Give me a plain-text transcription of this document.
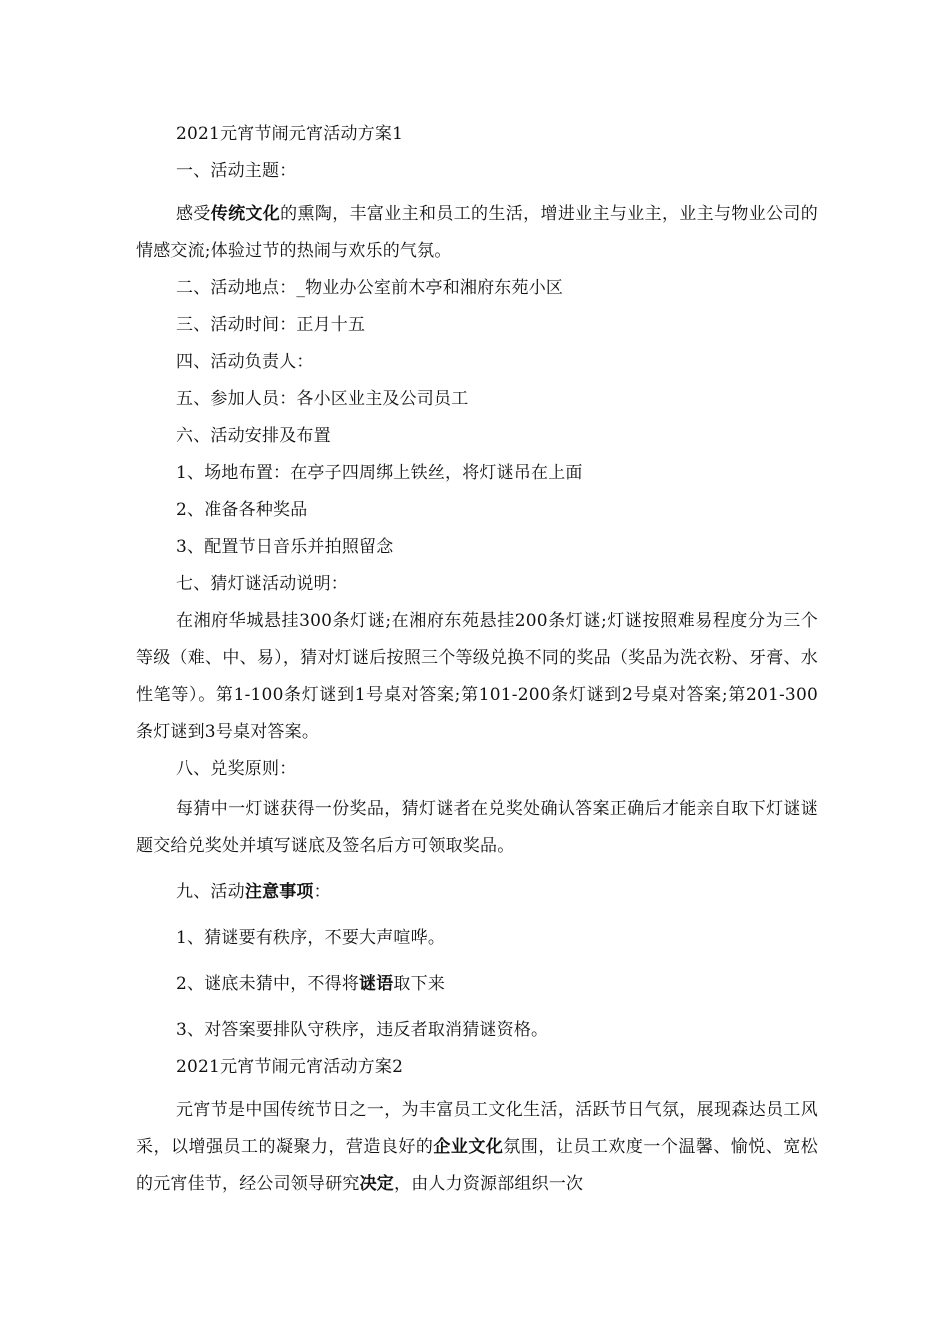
2021元宵节闹元宵活动方案1
一、活动主题：
感受传统文化的熏陶，丰富业主和员工的生活，增进业主与业主，业主与物业公司的情感交流;体验过节的热闹与欢乐的气氛。
二、活动地点：_物业办公室前木亭和湘府东苑小区
三、活动时间：正月十五
四、活动负责人：
五、参加人员：各小区业主及公司员工
六、活动安排及布置
1、场地布置：在亭子四周绑上铁丝，将灯谜吊在上面
2、准备各种奖品
3、配置节日音乐并拍照留念
七、猜灯谜活动说明：
在湘府华城悬挂300条灯谜;在湘府东苑悬挂200条灯谜;灯谜按照难易程度分为三个等级（难、中、易），猜对灯谜后按照三个等级兑换不同的奖品（奖品为洗衣粉、牙膏、水性笔等）。第1-100条灯谜到1号桌对答案;第101-200条灯谜到2号桌对答案;第201-300条灯谜到3号桌对答案。
八、兑奖原则：
每猜中一灯谜获得一份奖品，猜灯谜者在兑奖处确认答案正确后才能亲自取下灯谜谜题交给兑奖处并填写谜底及签名后方可领取奖品。
九、活动注意事项：
1、猜谜要有秩序，不要大声喧哗。
2、谜底未猜中，不得将谜语取下来
3、对答案要排队守秩序，违反者取消猜谜资格。
2021元宵节闹元宵活动方案2
元宵节是中国传统节日之一，为丰富员工文化生活，活跃节日气氛，展现森达员工风采，以增强员工的凝聚力，营造良好的企业文化氛围，让员工欢度一个温馨、愉悦、宽松的元宵佳节，经公司领导研究决定，由人力资源部组织一次
